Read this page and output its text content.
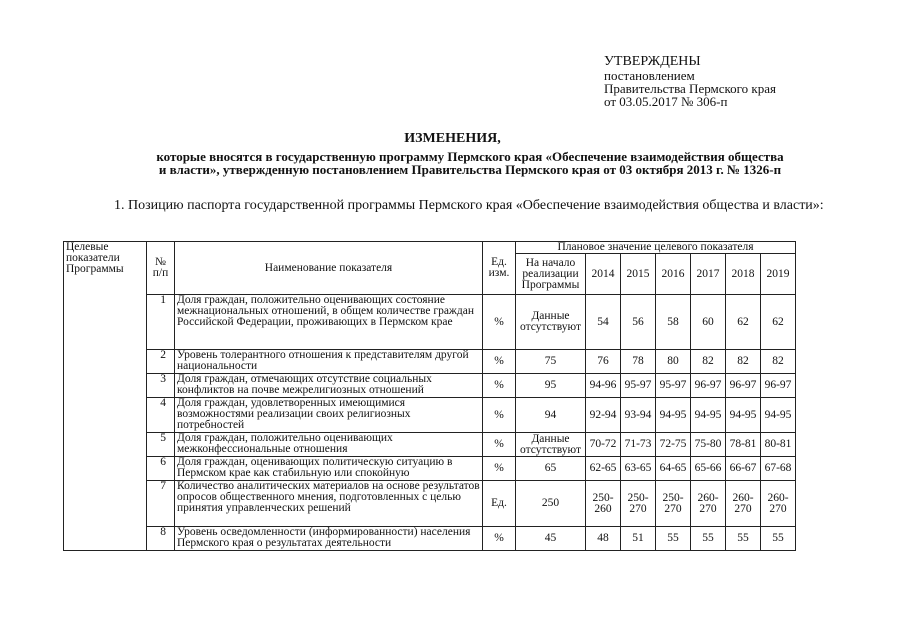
УТВЕРЖДЕНЫ
постановлением
Правительства Пермского края
от 03.05.2017 № 306-п
ИЗМЕНЕНИЯ,
которые вносятся в государственную программу Пермского края «Обеспечение взаимодействия общества
и власти», утвержденную постановлением Правительства Пермского края от 03 октября 2013 г. № 1326-п
1. Позицию паспорта государственной программы Пермского края «Обеспечение взаимодействия общества и власти»:
Целевые показатели Программы	№ п/п	Наименование показателя	Ед. изм.	Плановое значение целевого показателя						
				На начало реализации Программы	2014	2015	2016	2017	2018	2019

	1	Доля граждан, положительно оценивающих состояние межнациональных отношений, в общем количестве граждан Российской Федерации, проживающих в Пермском крае	%	Данные отсутствуют	54	56	58	60	62	62
	2	Уровень толерантного отношения к представителям другой национальности	%	75	76	78	80	82	82	82
	3	Доля граждан, отмечающих отсутствие социальных конфликтов на почве межрелигиозных отношений	%	95	94-96	95-97	95-97	96-97	96-97	96-97
	4	Доля граждан, удовлетворенных имеющимися возможностями реализации своих религиозных потребностей	%	94	92-94	93-94	94-95	94-95	94-95	94-95
	5	Доля граждан, положительно оценивающих межконфессиональные отношения	%	Данные отсутствуют	70-72	71-73	72-75	75-80	78-81	80-81
	6	Доля граждан, оценивающих политическую ситуацию в Пермском крае как стабильную или спокойную	%	65	62-65	63-65	64-65	65-66	66-67	67-68
	7	Количество аналитических материалов на основе результатов опросов общественного мнения, подготовленных с целью принятия управленческих решений	Ед.	250	250-260	250-270	250-270	260-270	260-270	260-270
	8	Уровень осведомленности (информированности) населения Пермского края о результатах деятельности	%	45	48	51	55	55	55	55
